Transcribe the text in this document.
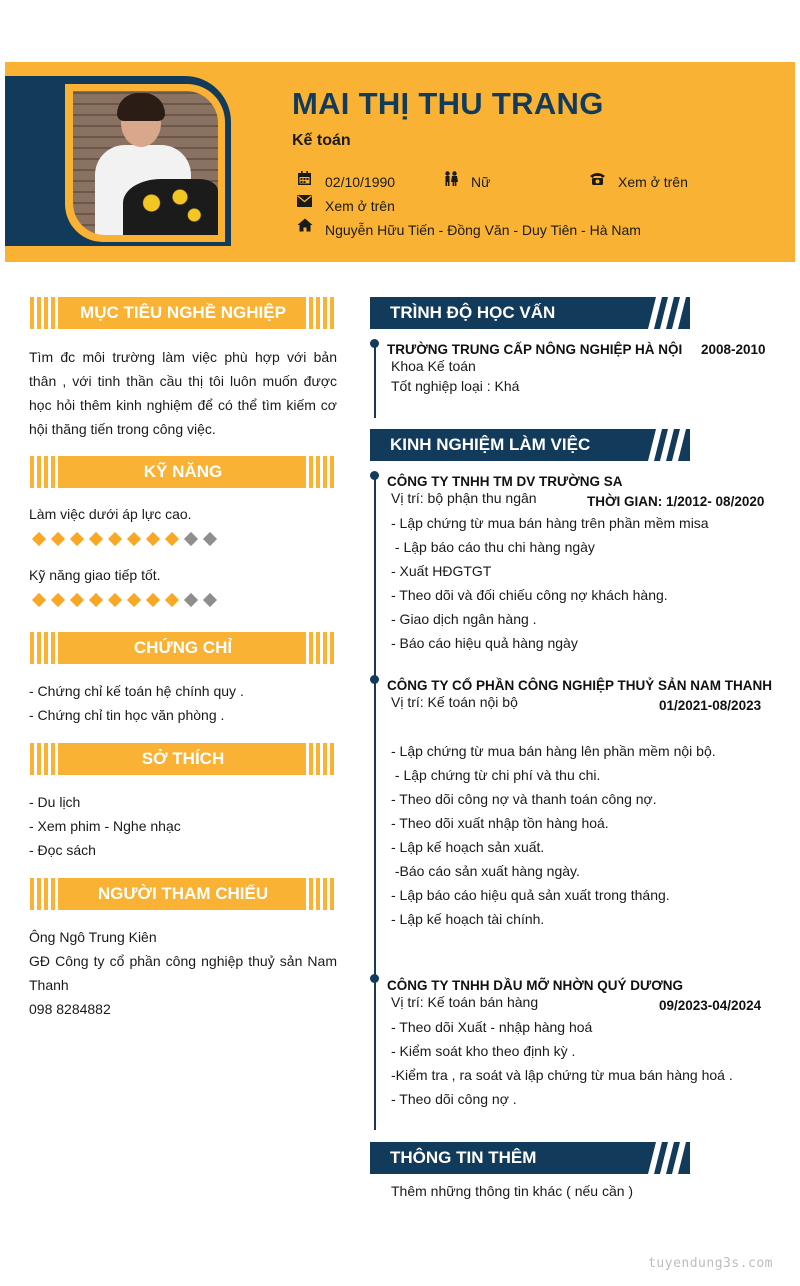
MAI THỊ THU TRANG
Kế toán
02/10/1990	Nữ	Xem ở trên
Xem ở trên
Nguyễn Hữu Tiến - Đồng Văn - Duy Tiên - Hà Nam
MỤC TIÊU NGHỀ NGHIỆP
Tìm đc môi trường làm việc phù hợp với bản thân , với tinh thần cầu thị tôi luôn muốn được học hỏi thêm kinh nghiệm để có thể tìm kiếm cơ hội thăng tiến trong công việc.
KỸ NĂNG
Làm việc dưới áp lực cao.
Kỹ năng giao tiếp tốt.
CHỨNG CHỈ
- Chứng chỉ kế toán hệ chính quy .
- Chứng chỉ tin học văn phòng .
SỞ THÍCH
- Du lịch
- Xem phim - Nghe nhạc
- Đọc sách
NGƯỜI THAM CHIẾU
Ông Ngô Trung Kiên
GĐ Công ty cổ phần công nghiệp thuỷ sản Nam Thanh
098 8284882
TRÌNH ĐỘ HỌC VẤN
TRƯỜNG TRUNG CẤP NÔNG NGHIỆP HÀ NỘI 2008-2010
Khoa Kế toán
Tốt nghiệp loại : Khá
KINH NGHIỆM LÀM VIỆC
CÔNG TY TNHH TM DV TRƯỜNG SA
Vị trí: bộ phận thu ngân	THỜI GIAN: 1/2012- 08/2020
- Lập chứng từ mua bán hàng trên phần mềm misa
- Lập báo cáo thu chi hàng ngày
- Xuất HĐGTGT
- Theo dõi và đối chiếu công nợ khách hàng.
- Giao dịch ngân hàng .
- Báo cáo hiệu quả hàng ngày
CÔNG TY CỔ PHẦN CÔNG NGHIỆP THUỶ SẢN NAM THANH
Vị trí: Kế toán nội bộ	01/2021-08/2023
- Lập chứng từ mua bán hàng lên phần mềm nội bộ.
- Lập chứng từ chi phí và thu chi.
- Theo dõi công nợ và thanh toán công nợ.
- Theo dõi xuất nhập tồn hàng hoá.
- Lập kế hoạch sản xuất.
-Báo cáo sản xuất hàng ngày.
- Lập báo cáo hiệu quả sản xuất trong tháng.
- Lập kế hoạch tài chính.
CÔNG TY TNHH DẦU MỠ NHỜN QUÝ DƯƠNG
Vị trí: Kế toán bán hàng	09/2023-04/2024
- Theo dõi Xuất - nhập hàng hoá
- Kiểm soát kho theo định kỳ .
-Kiểm tra , ra soát và lập chứng từ mua bán hàng hoá .
- Theo dõi công nợ .
THÔNG TIN THÊM
Thêm những thông tin khác ( nếu cần )
tuyendung3s.com
